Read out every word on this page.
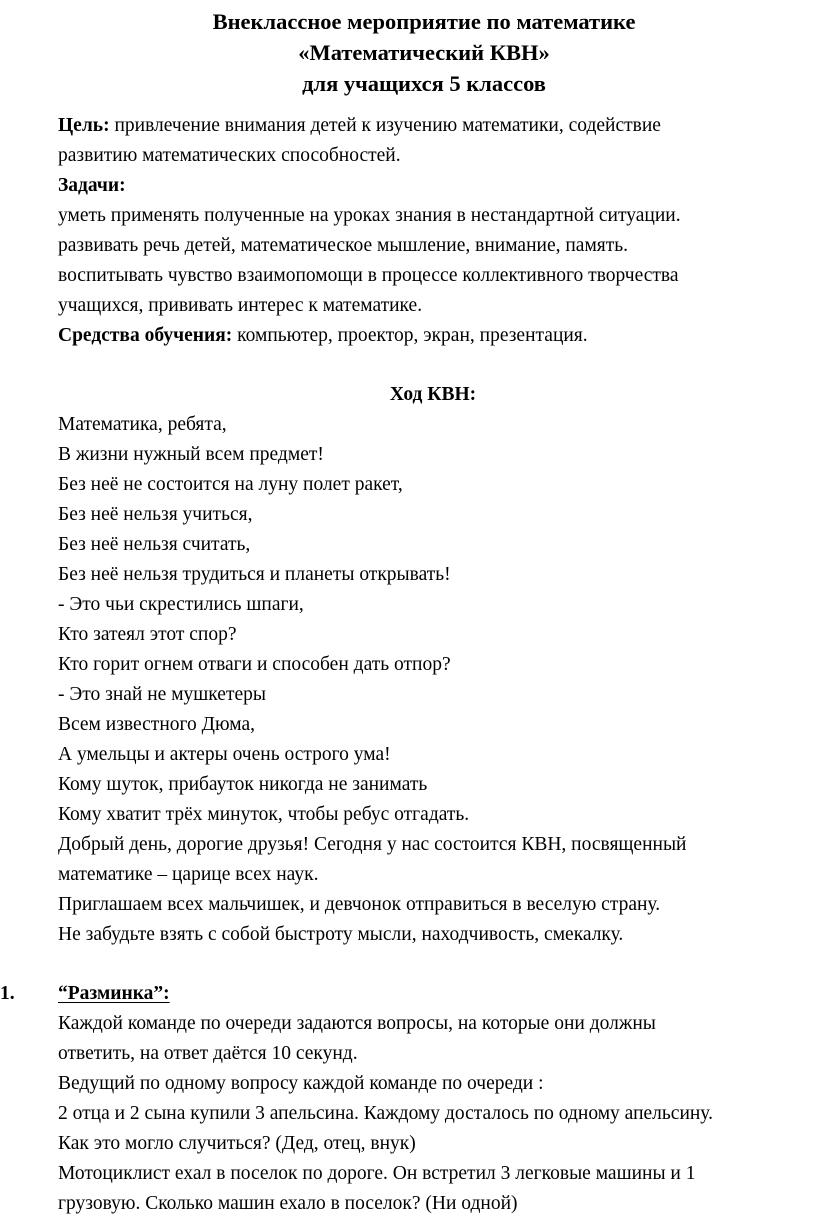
Внеклассное мероприятие по математике

«Математический КВН»

для учащихся 5 классов

Цель: привлечение внимания детей к изучению математики, содействие

развитию математических способностей.

Задачи:

уметь применять полученные на уроках знания в нестандартной ситуации.

развивать речь детей, математическое мышление, внимание, память.

воспитывать чувство взаимопомощи в процессе коллективного творчества

учащихся, прививать интерес к математике.

Средства обучения: компьютер, проектор, экран, презентация.

Ход КВН:

Математика, ребята,

В жизни нужный всем предмет!

Без неё не состоится на луну полет ракет,

Без неё нельзя учиться,

Без неё нельзя считать,

Без неё нельзя трудиться и планеты открывать!

- Это чьи скрестились шпаги,

Кто затеял этот спор?

Кто горит огнем отваги и способен дать отпор?

- Это знай не мушкетеры

Всем известного Дюма,

А умельцы и актеры очень острого ума!

Кому шуток, прибауток никогда не занимать

Кому хватит трёх минуток, чтобы ребус отгадать.

Добрый день, дорогие друзья! Сегодня у нас состоится КВН, посвященный

математике – царице всех наук.

Приглашаем всех мальчишек, и девчонок отправиться в веселую страну.

Не забудьте взять с собой быстроту мысли, находчивость, смекалку.

1. “Разминка”:

Каждой команде по очереди задаются вопросы, на которые они должны

ответить, на ответ даётся 10 секунд.

Ведущий по одному вопросу каждой команде по очереди :

2 отца и 2 сына купили 3 апельсина. Каждому досталось по одному апельсину.

Как это могло случиться? (Дед, отец, внук)

Мотоциклист ехал в поселок по дороге. Он встретил 3 легковые машины и 1

грузовую. Сколько машин ехало в поселок? (Ни одной)
